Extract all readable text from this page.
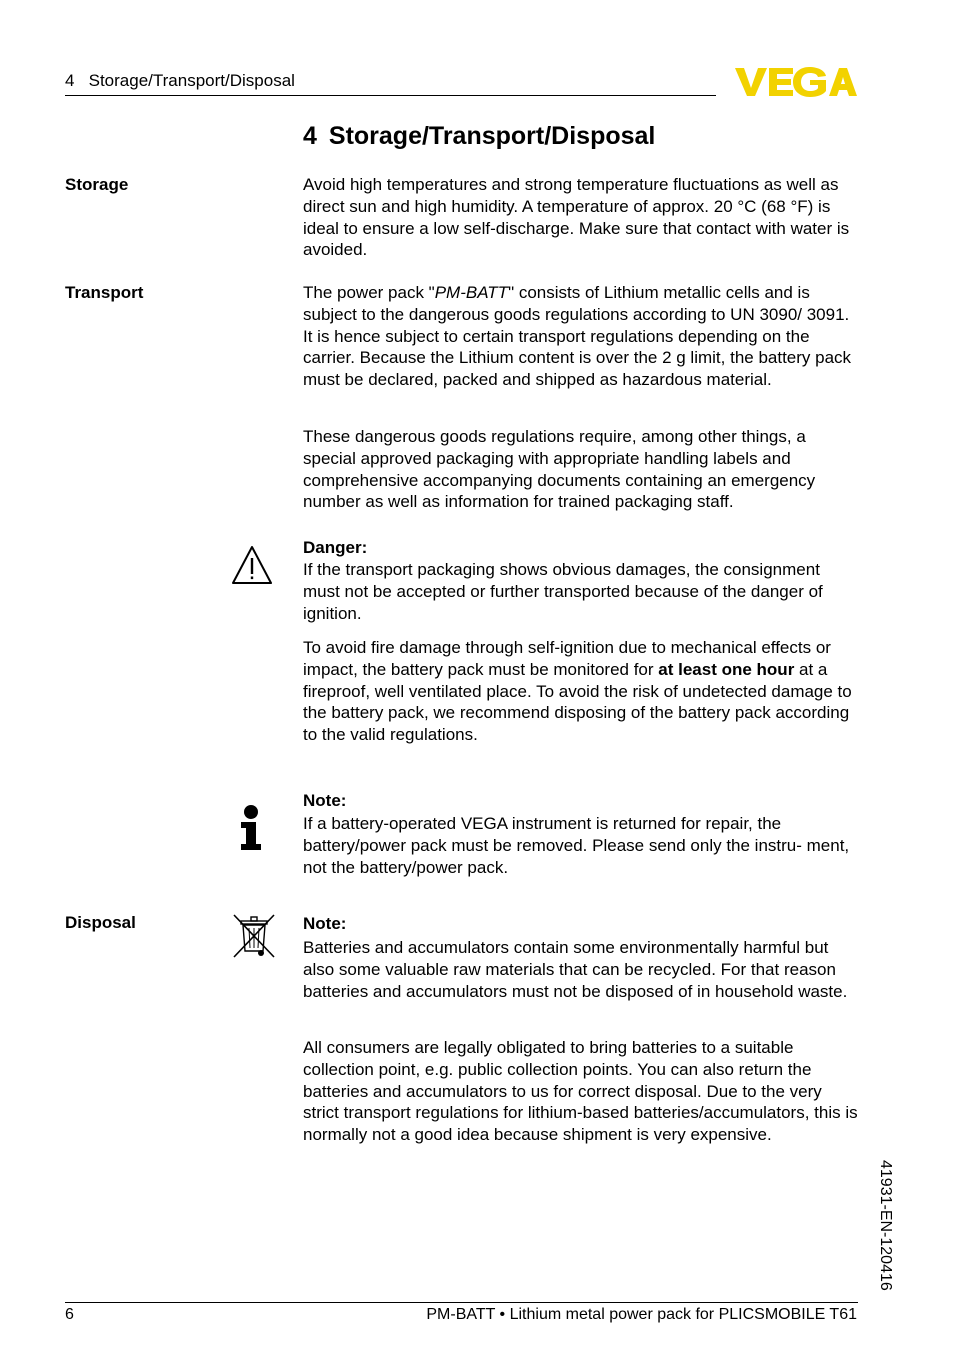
4   Storage/Transport/Disposal
4 Storage/Transport/Disposal
Storage	Avoid high temperatures and strong temperature fluctuations as well as direct sun and high humidity. A temperature of approx. 20 °C (68 °F) is ideal to ensure a low self-discharge. Make sure that contact with water is avoided.

Transport	The power pack "PM-BATT" consists of Lithium metallic cells and is subject to the dangerous goods regulations according to UN 3090/ 3091. It is hence subject to certain transport regulations depending on the carrier. Because the Lithium content is over the 2 g limit, the battery pack must be declared, packed and shipped as hazardous material.

These dangerous goods regulations require, among other things, a special approved packaging with appropriate handling labels and comprehensive accompanying documents containing an emergency number as well as information for trained packaging staff.

Danger:

If the transport packaging shows obvious damages, the consignment must not be accepted or further transported because of the danger of ignition.

To avoid fire damage through self-ignition due to mechanical effects or impact, the battery pack must be monitored for at least one hour at a fireproof, well ventilated place. To avoid the risk of undetected damage to the battery pack, we recommend disposing of the battery pack according to the valid regulations.

Note:

If a battery-operated VEGA instrument is returned for repair, the battery/power pack must be removed. Please send only the instru- ment, not the battery/power pack.

Disposal	Note:

Batteries and accumulators contain some environmentally harmful but also some valuable raw materials that can be recycled. For that reason batteries and accumulators must not be disposed of in household waste.

All consumers are legally obligated to bring batteries to a suitable collection point, e.g. public collection points. You can also return the batteries and accumulators to us for correct disposal. Due to the very strict transport regulations for lithium-based batteries/accumulators, this is normally not a good idea because shipment is very expensive.

41931-EN-120416
6	PM-BATT • Lithium metal power pack for PLICSMOBILE T61
